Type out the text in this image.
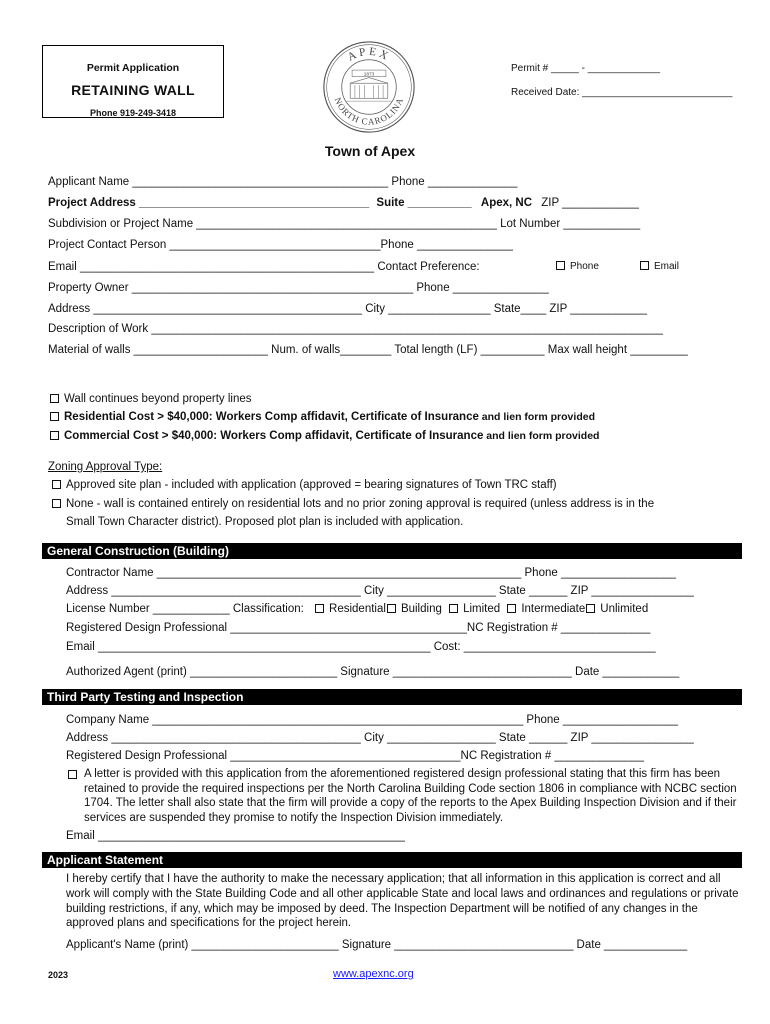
Permit Application
RETAINING WALL
Phone 919-249-3418
APEX
NORTH CAROLINA
1873	Permit # _____ - _____________
Received Date: ___________________________
Town of Apex
Applicant Name ________________________________________ Phone ______________
Project Address ____________________________________ Suite __________ Apex, NC ZIP ____________
Subdivision or Project Name _______________________________________________ Lot Number ____________
Project Contact Person _________________________________Phone _______________
Email ______________________________________________ Contact Preference:	Phone	Email
Property Owner ____________________________________________ Phone _______________
Address __________________________________________ City ________________ State____ ZIP ____________
Description of Work ________________________________________________________________________________
Material of walls _____________________ Num. of walls________ Total length (LF) __________ Max wall height _________
Wall continues beyond property lines
Residential Cost > $40,000: Workers Comp affidavit, Certificate of Insurance and lien form provided
Commercial Cost > $40,000: Workers Comp affidavit, Certificate of Insurance and lien form provided
Zoning Approval Type:
Approved site plan - included with application (approved = bearing signatures of Town TRC staff)
None - wall is contained entirely on residential lots and no prior zoning approval is required (unless address is in the
Small Town Character district). Proposed plot plan is included with application.
General Construction (Building)
Contractor Name _________________________________________________________ Phone __________________
Address _______________________________________ City _________________ State ______ ZIP ________________
License Number ____________ Classification: Residential Building Limited Intermediate Unlimited
Registered Design Professional _____________________________________NC Registration # ______________
Email ____________________________________________________ Cost: ______________________________
Authorized Agent (print) _______________________ Signature ____________________________ Date ____________
Third Party Testing and Inspection
Company Name __________________________________________________________ Phone __________________
Address _______________________________________ City _________________ State ______ ZIP ________________
Registered Design Professional ____________________________________NC Registration # ______________
A letter is provided with this application from the aforementioned registered design professional stating that this firm has been retained to provide the required inspections per the North Carolina Building Code section 1806 in compliance with NCBC section 1704. The letter shall also state that the firm will provide a copy of the reports to the Apex Building Inspection Division and if their services are suspended they promise to notify the Inspection Division immediately.
Email ________________________________________________
Applicant Statement
I hereby certify that I have the authority to make the necessary application; that all information in this application is correct and all work will comply with the State Building Code and all other applicable State and local laws and ordinances and regulations or private building restrictions, if any, which may be imposed by deed. The Inspection Department will be notified of any changes in the approved plans and specifications for the project herein.
Applicant's Name (print) _______________________ Signature ____________________________ Date _____________
2023	www.apexnc.org
